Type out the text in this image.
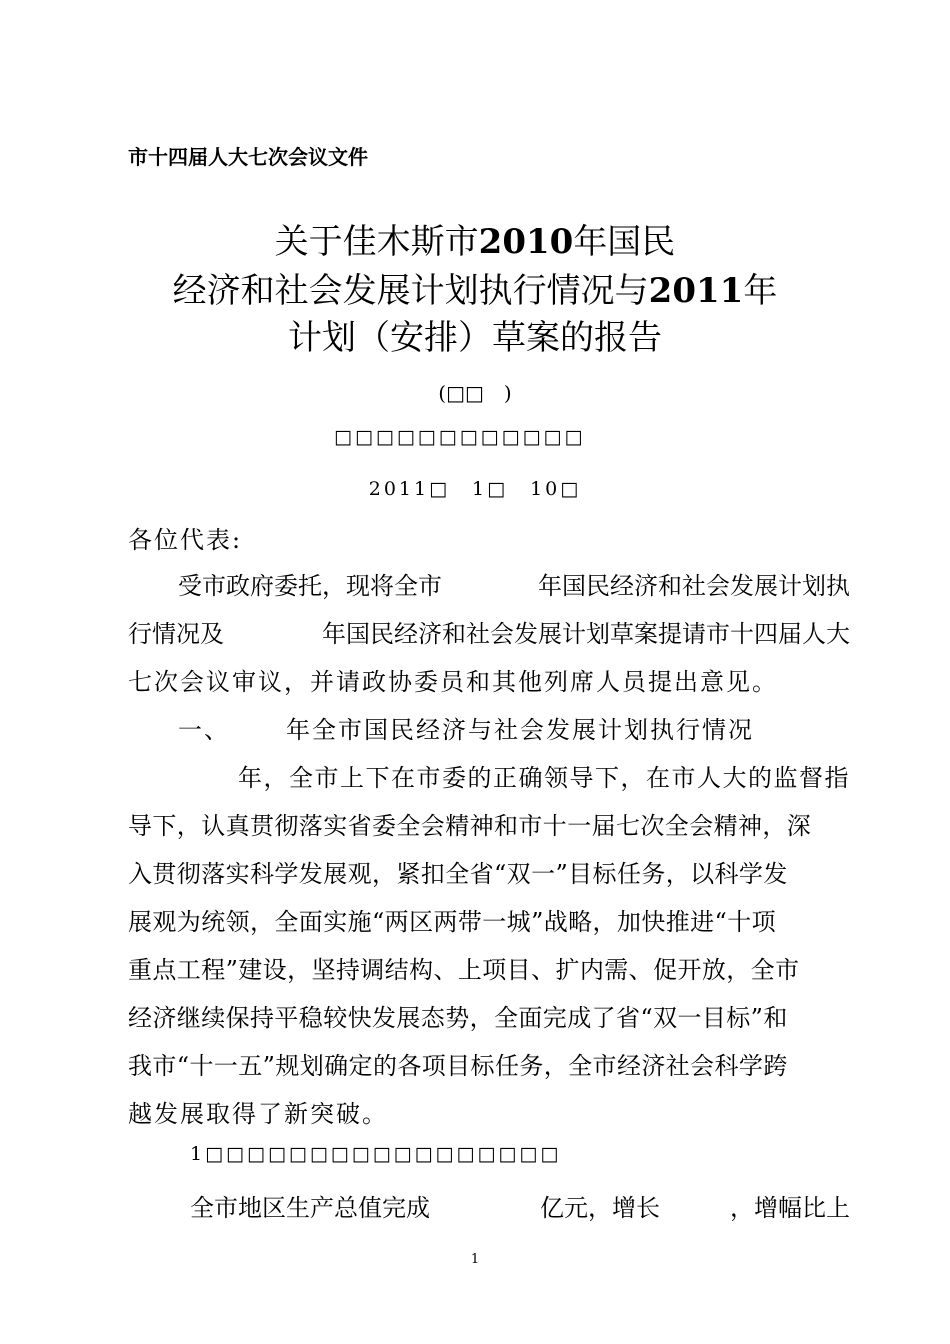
市十四届人大七次会议文件
关于佳木斯市2010年国民
经济和社会发展计划执行情况与2011年
计划（安排）草案的报告
(□□　)
□□□□□□□□□□□□
2011□　1□　10□
各位代表:
受市政府委托，现将全市	年国民经济和社会发展计划执
行情况及	年国民经济和社会发展计划草案提请市十四届人大
七次会议审议，并请政协委员和其他列席人员提出意见。
一、 年全市国民经济与社会发展计划执行情况
年，全市上下在市委的正确领导下，在市人大的监督指
导下，认真贯彻落实省委全会精神和市十一届七次全会精神，深
入贯彻落实科学发展观，紧扣全省“双一”目标任务，以科学发
展观为统领，全面实施“两区两带一城”战略，加快推进“十项
重点工程”建设，坚持调结构、上项目、扩内需、促开放，全市
经济继续保持平稳较快发展态势，全面完成了省“双一目标”和
我市“十一五”规划确定的各项目标任务，全市经济社会科学跨
越发展取得了新突破。
1□□□□□□□□□□□□□□□□□
全市地区生产总值完成	亿元，增长	，增幅比上
1
